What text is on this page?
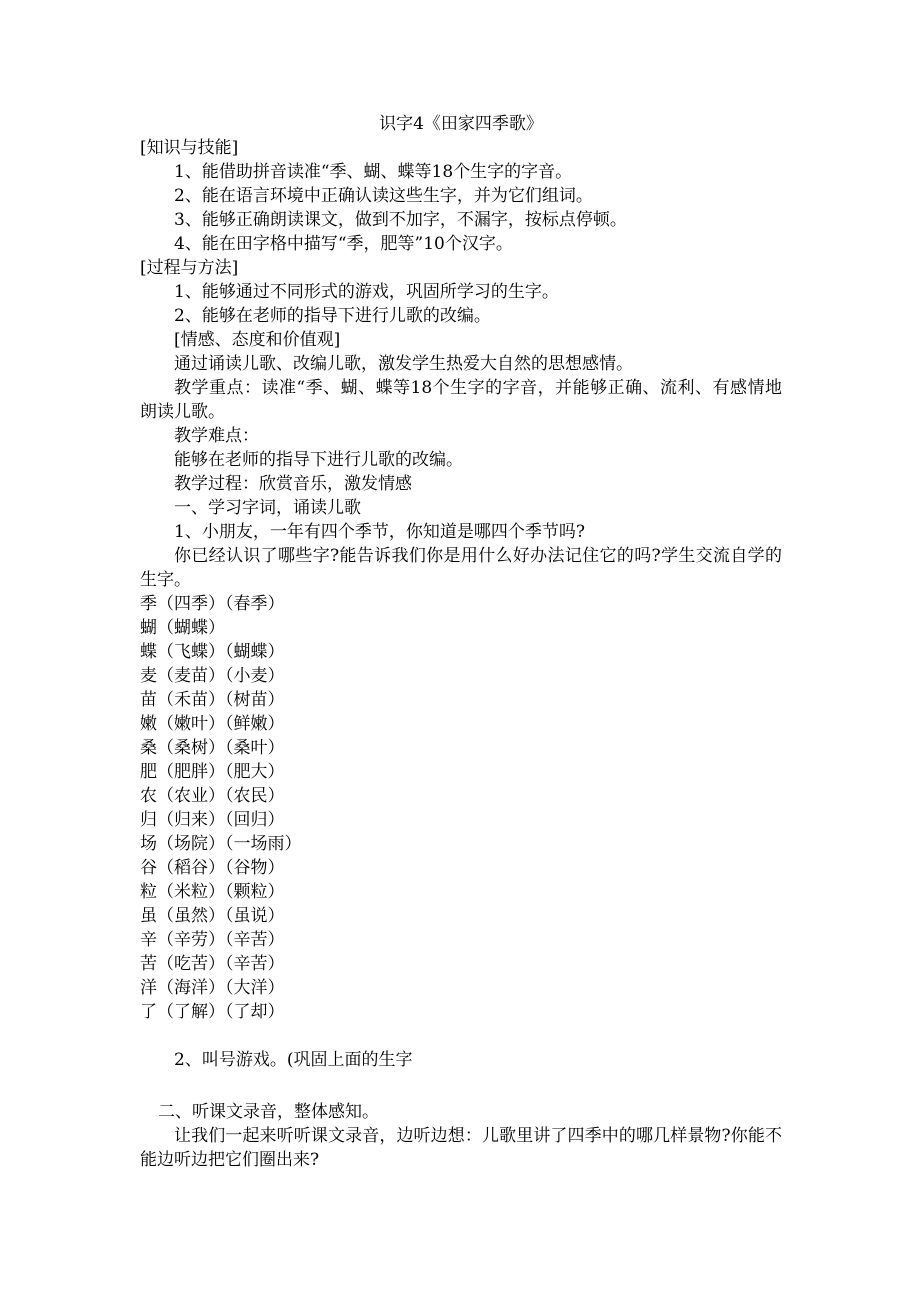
识字4《田家四季歌》
[知识与技能]
1、能借助拼音读准“季、蝴、蝶等18个生字的字音。
2、能在语言环境中正确认读这些生字，并为它们组词。
3、能够正确朗读课文，做到不加字，不漏字，按标点停顿。
4、能在田字格中描写“季，肥等”10个汉字。
[过程与方法]
1、能够通过不同形式的游戏，巩固所学习的生字。
2、能够在老师的指导下进行儿歌的改编。
[情感、态度和价值观]
通过诵读儿歌、改编儿歌，激发学生热爱大自然的思想感情。
教学重点：读准“季、蝴、蝶等18个生字的字音，并能够正确、流利、有感情地朗读儿歌。
教学难点：
能够在老师的指导下进行儿歌的改编。
教学过程：欣赏音乐，激发情感
一、学习字词，诵读儿歌
1、小朋友，一年有四个季节，你知道是哪四个季节吗?
你已经认识了哪些字?能告诉我们你是用什么好办法记住它的吗?学生交流自学的生字。
季（四季）（春季）
蝴（蝴蝶）
蝶（飞蝶）（蝴蝶）
麦（麦苗）（小麦）
苗（禾苗）（树苗）
嫩（嫩叶）（鲜嫩）
桑（桑树）（桑叶）
肥（肥胖）（肥大）
农（农业）（农民）
归（归来）（回归）
场（场院）（一场雨）
谷（稻谷）（谷物）
粒（米粒）（颗粒）
虽（虽然）（虽说）
辛（辛劳）（辛苦）
苦（吃苦）（辛苦）
洋（海洋）（大洋）
了（了解）（了却）
2、叫号游戏。(巩固上面的生字
二、听课文录音，整体感知。
让我们一起来听听课文录音，边听边想：儿歌里讲了四季中的哪几样景物?你能不能边听边把它们圈出来?
